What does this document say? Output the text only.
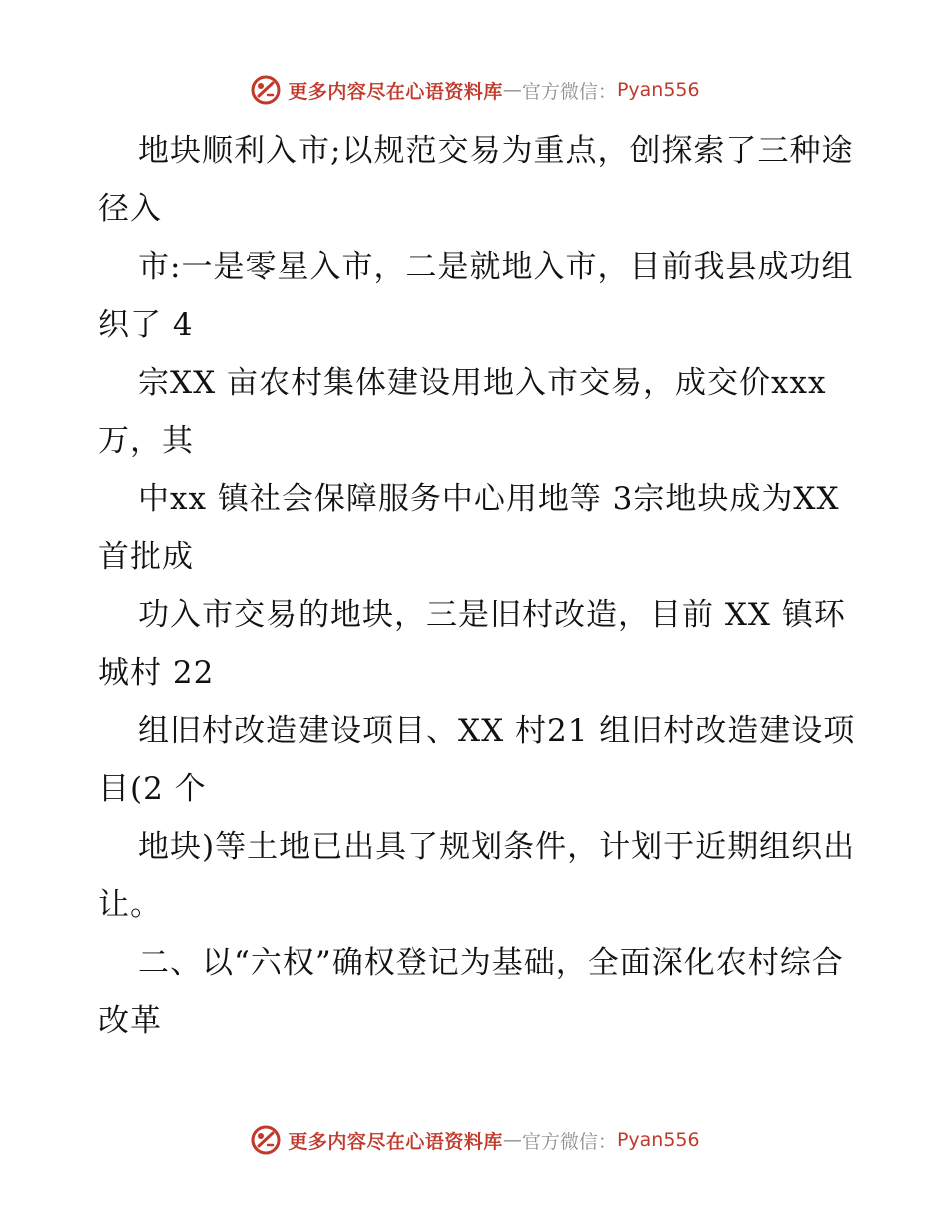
更多内容尽在心语资料库 — 官方微信： Pyan556

地块顺利入市;以规范交易为重点，创探索了三种途径入

市:一是零星入市，二是就地入市，目前我县成功组织了 4

宗XX 亩农村集体建设用地入市交易，成交价xxx 万，其

中xx 镇社会保障服务中心用地等 3宗地块成为XX 首批成

功入市交易的地块，三是旧村改造，目前 XX 镇环城村 22

组旧村改造建设项目、XX 村21 组旧村改造建设项目(2 个

地块)等土地已出具了规划条件，计划于近期组织出让。

二、以“六权”确权登记为基础，全面深化农村综合改革

更多内容尽在心语资料库 — 官方微信： Pyan556
